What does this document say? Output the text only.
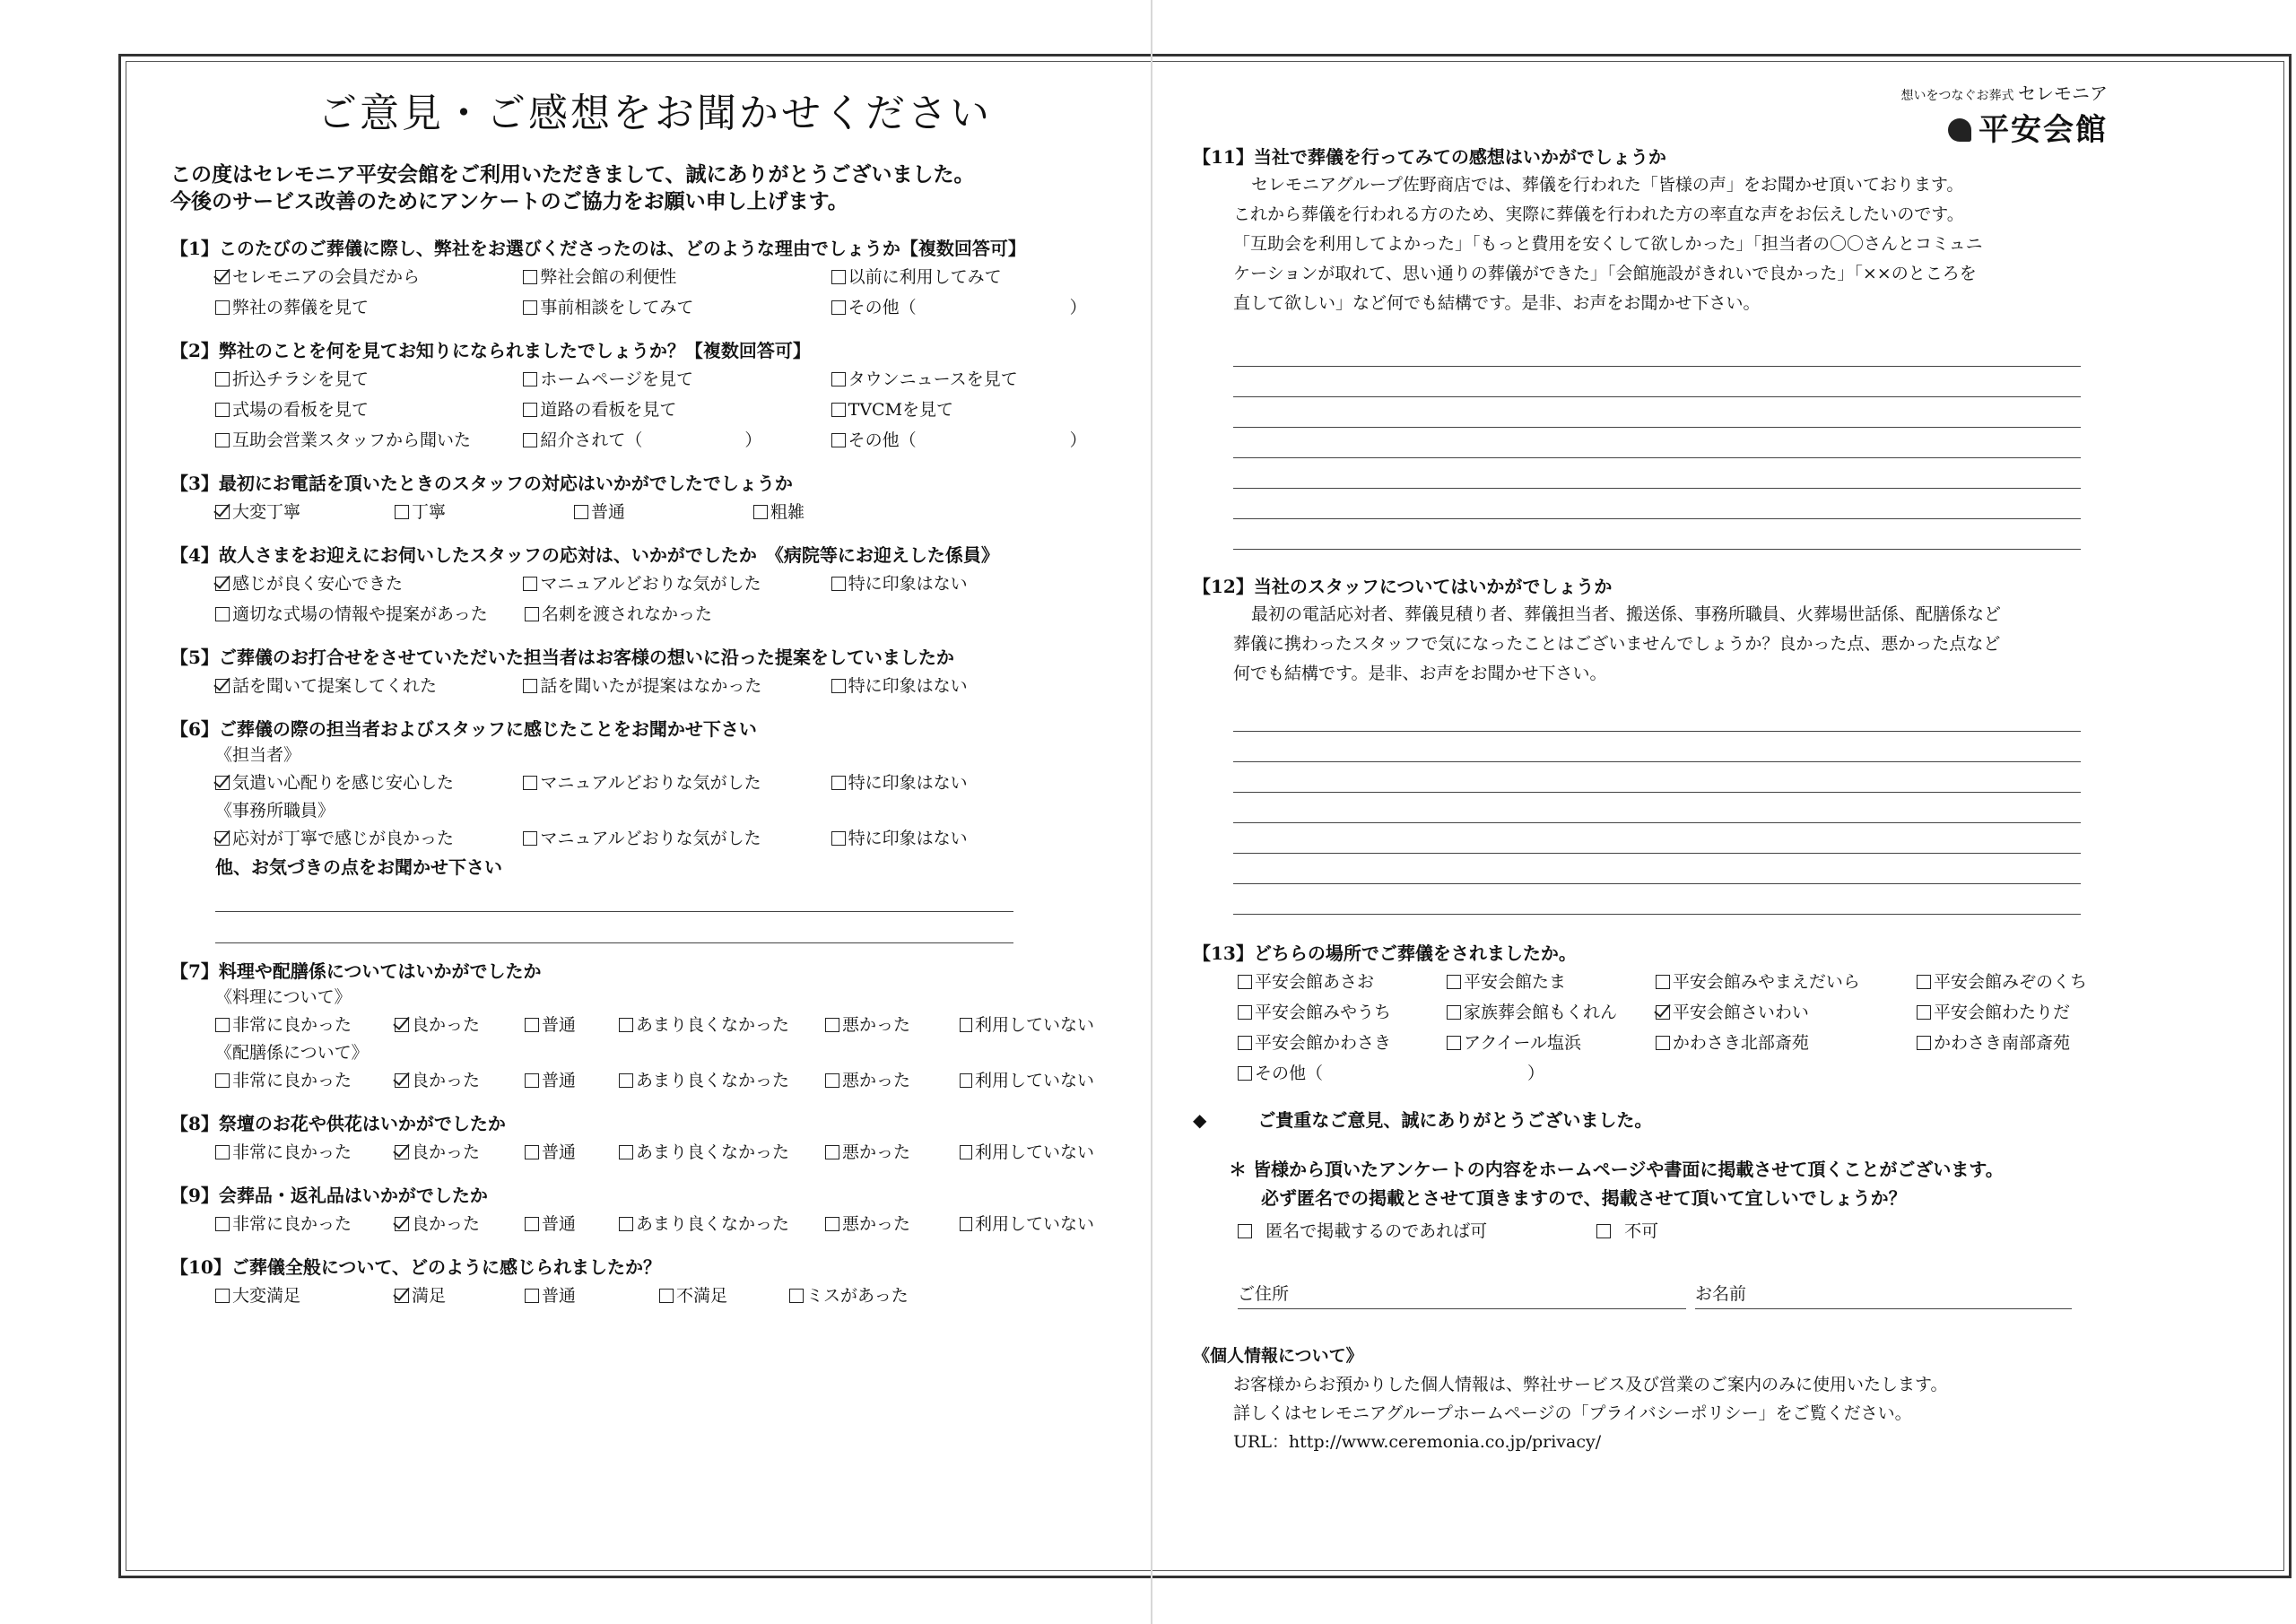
ご意見・ご感想をお聞かせください
この度はセレモニア平安会館をご利用いただきまして、誠にありがとうございました。
今後のサービス改善のためにアンケートのご協力をお願い申し上げます。
【1】このたびのご葬儀に際し、弊社をお選びくださったのは、どのような理由でしょうか【複数回答可】
セレモニアの会員だから	弊社会館の利便性	以前に利用してみて
弊社の葬儀を見て	事前相談をしてみて	その他（　　　　　　　　　）
【2】弊社のことを何を見てお知りになられましたでしょうか？【複数回答可】
折込チラシを見て	ホームページを見て	タウンニュースを見て
式場の看板を見て	道路の看板を見て	TVCMを見て
互助会営業スタッフから聞いた	紹介されて（　　　　　　）	その他（　　　　　　　　　）
【3】最初にお電話を頂いたときのスタッフの対応はいかがでしたでしょうか
大変丁寧	丁寧	普通	粗雑
【4】故人さまをお迎えにお伺いしたスタッフの応対は、いかがでしたか　《病院等にお迎えした係員》
感じが良く安心できた	マニュアルどおりな気がした	特に印象はない
適切な式場の情報や提案があった	名刺を渡されなかった
【5】ご葬儀のお打合せをさせていただいた担当者はお客様の想いに沿った提案をしていましたか
話を聞いて提案してくれた	話を聞いたが提案はなかった	特に印象はない
【6】ご葬儀の際の担当者およびスタッフに感じたことをお聞かせ下さい
《担当者》
気遣い心配りを感じ安心した	マニュアルどおりな気がした	特に印象はない
《事務所職員》
応対が丁寧で感じが良かった	マニュアルどおりな気がした	特に印象はない
他、お気づきの点をお聞かせ下さい
【7】料理や配膳係についてはいかがでしたか
《料理について》
非常に良かった	良かった	普通	あまり良くなかった	悪かった	利用していない
《配膳係について》
非常に良かった	良かった	普通	あまり良くなかった	悪かった	利用していない
【8】祭壇のお花や供花はいかがでしたか
非常に良かった	良かった	普通	あまり良くなかった	悪かった	利用していない
【9】会葬品・返礼品はいかがでしたか
非常に良かった	良かった	普通	あまり良くなかった	悪かった	利用していない
【10】ご葬儀全般について、どのように感じられましたか？
大変満足	満足	普通	不満足	ミスがあった
想いをつなぐお葬式 セレモニア
平安会館
【11】当社で葬儀を行ってみての感想はいかがでしょうか
セレモニアグループ佐野商店では、葬儀を行われた「皆様の声」をお聞かせ頂いております。
これから葬儀を行われる方のため、実際に葬儀を行われた方の率直な声をお伝えしたいのです。
「互助会を利用してよかった」「もっと費用を安くして欲しかった」「担当者の〇〇さんとコミュニ
ケーションが取れて、思い通りの葬儀ができた」「会館施設がきれいで良かった」「××のところを
直して欲しい」など何でも結構です。是非、お声をお聞かせ下さい。
【12】当社のスタッフについてはいかがでしょうか
最初の電話応対者、葬儀見積り者、葬儀担当者、搬送係、事務所職員、火葬場世話係、配膳係など
葬儀に携わったスタッフで気になったことはございませんでしょうか？良かった点、悪かった点など
何でも結構です。是非、お声をお聞かせ下さい。
【13】どちらの場所でご葬儀をされましたか。
平安会館あさお	平安会館たま	平安会館みやまえだいら	平安会館みぞのくち
平安会館みやうち	家族葬会館もくれん	平安会館さいわい	平安会館わたりだ
平安会館かわさき	アクイール塩浜	かわさき北部斎苑	かわさき南部斎苑
その他（　　　　　　　　　　　　）
◆	ご貴重なご意見、誠にありがとうございました。
＊ 皆様から頂いたアンケートの内容をホームページや書面に掲載させて頂くことがございます。
必ず匿名での掲載とさせて頂きますので、掲載させて頂いて宜しいでしょうか？

匿名で掲載するのであれば可
	不可
ご住所	お名前
《個人情報について》
お客様からお預かりした個人情報は、弊社サービス及び営業のご案内のみに使用いたします。
詳しくはセレモニアグループホームページの「プライバシーポリシー」をご覧ください。
URL：http://www.ceremonia.co.jp/privacy/
